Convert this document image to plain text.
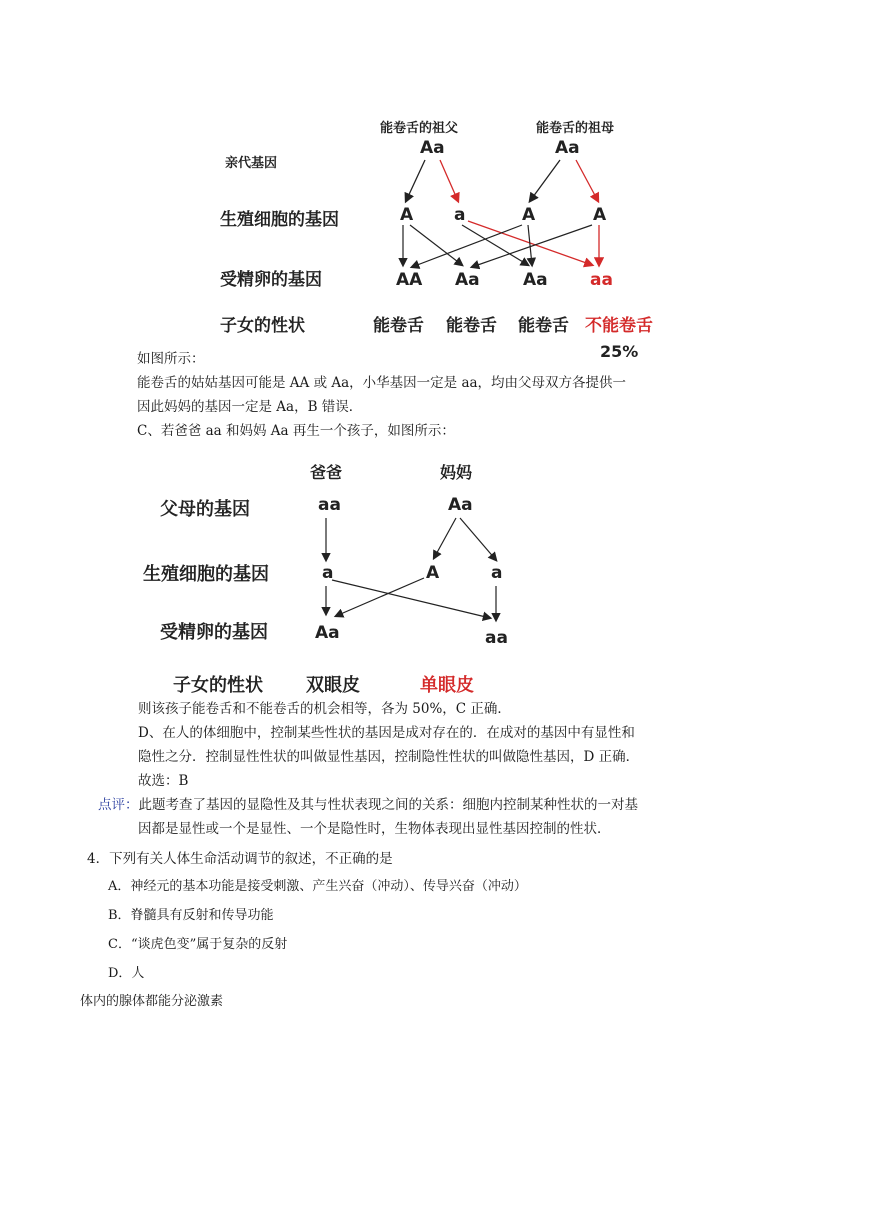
能卷舌的祖父	能卷舌的祖母
Aa	Aa
亲代基因
生殖细胞的基因
受精卵的基因
子女的性状
A a	A	A
AA Aa	Aa aa
能卷舌 能卷舌 能卷舌 不能卷舌
25%
如图所示：
能卷舌的姑姑基因可能是 AA 或 Aa，小华基因一定是 aa，均由父母双方各提供一
因此妈妈的基因一定是 Aa，B 错误．
C、若爸爸 aa 和妈妈 Aa 再生一个孩子，如图所示：
爸爸	妈妈
aa	Aa
父母的基因
生殖细胞的基因
受精卵的基因
子女的性状
a	A	a
Aa	aa
双眼皮	单眼皮
则该孩子能卷舌和不能卷舌的机会相等，各为 50%，C 正确．
D、在人的体细胞中，控制某些性状的基因是成对存在的．在成对的基因中有显性和
隐性之分．控制显性性状的叫做显性基因，控制隐性性状的叫做隐性基因，D 正确．
故选：B
点评：此题考查了基因的显隐性及其与性状表现之间的关系：细胞内控制某种性状的一对基
因都是显性或一个是显性、一个是隐性时，生物体表现出显性基因控制的性状．
4．下列有关人体生命活动调节的叙述，不正确的是
A．神经元的基本功能是接受刺激、产生兴奋（冲动）、传导兴奋（冲动）
B．脊髓具有反射和传导功能
C．“谈虎色变”属于复杂的反射
D．人
体内的腺体都能分泌激素
